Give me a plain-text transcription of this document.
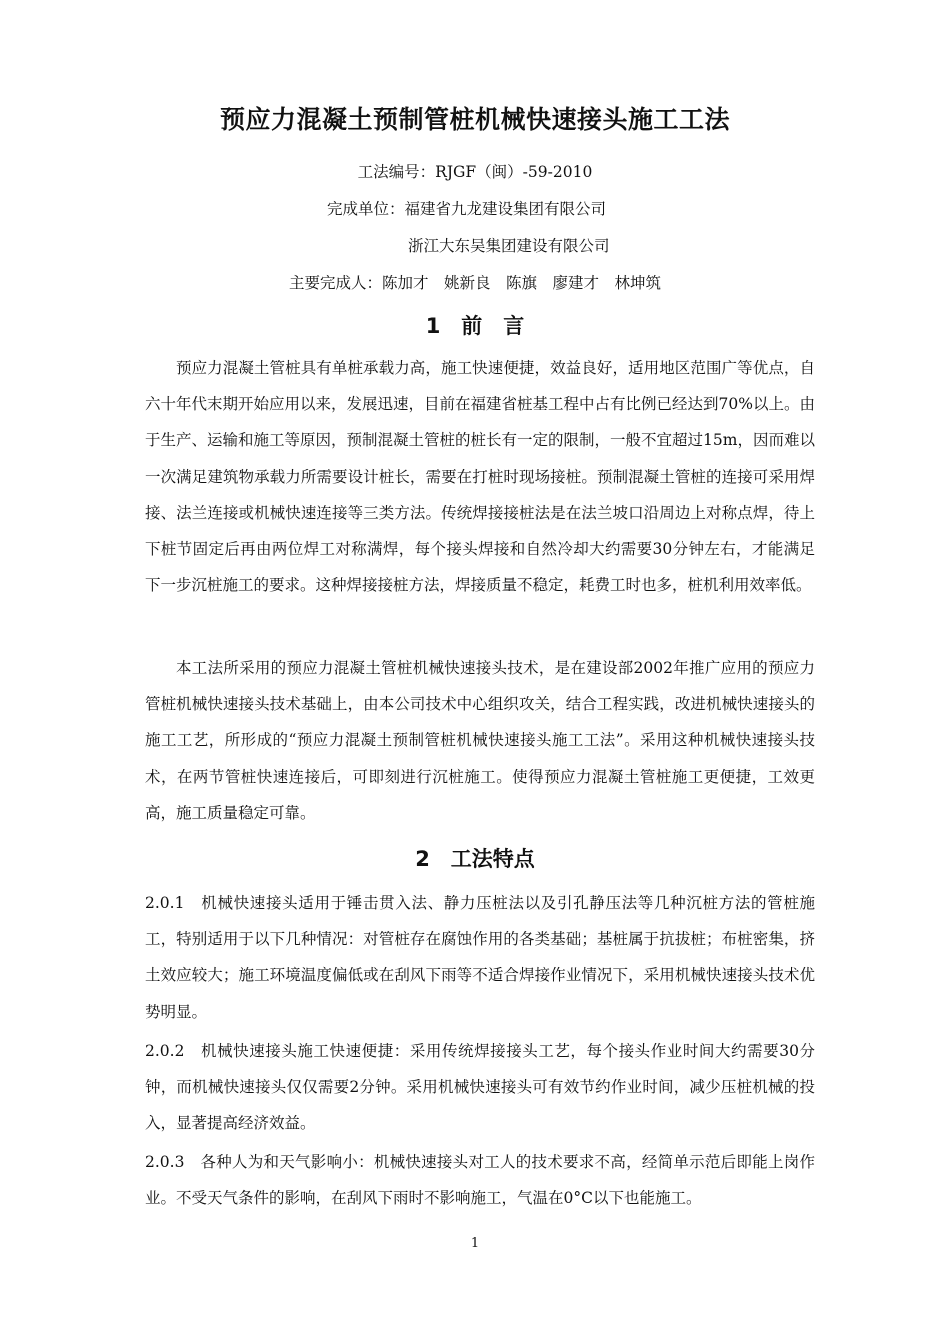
预应力混凝土预制管桩机械快速接头施工工法
工法编号：RJGF（闽）-59-2010
完成单位：福建省九龙建设集团有限公司
浙江大东吴集团建设有限公司
主要完成人：陈加才　姚新良　陈旗　廖建才　林坤筑
1　前　言

预应力混凝土管桩具有单桩承载力高，施工快速便捷，效益良好，适用地区范围广等优点，自六十年代末期开始应用以来，发展迅速，目前在福建省桩基工程中占有比例已经达到70%以上。由于生产、运输和施工等原因，预制混凝土管桩的桩长有一定的限制，一般不宜超过15m，因而难以一次满足建筑物承载力所需要设计桩长，需要在打桩时现场接桩。预制混凝土管桩的连接可采用焊接、法兰连接或机械快速连接等三类方法。传统焊接接桩法是在法兰坡口沿周边上对称点焊，待上下桩节固定后再由两位焊工对称满焊，每个接头焊接和自然冷却大约需要30分钟左右，才能满足下一步沉桩施工的要求。这种焊接接桩方法，焊接质量不稳定，耗费工时也多，桩机利用效率低。

本工法所采用的预应力混凝土管桩机械快速接头技术，是在建设部2002年推广应用的预应力管桩机械快速接头技术基础上，由本公司技术中心组织攻关，结合工程实践，改进机械快速接头的施工工艺，所形成的“预应力混凝土预制管桩机械快速接头施工工法”。采用这种机械快速接头技术，在两节管桩快速连接后，可即刻进行沉桩施工。使得预应力混凝土管桩施工更便捷，工效更高，施工质量稳定可靠。

2　工法特点

2.0.1　机械快速接头适用于锤击贯入法、静力压桩法以及引孔静压法等几种沉桩方法的管桩施工，特别适用于以下几种情况：对管桩存在腐蚀作用的各类基础；基桩属于抗拔桩；布桩密集，挤土效应较大；施工环境温度偏低或在刮风下雨等不适合焊接作业情况下，采用机械快速接头技术优势明显。

2.0.2　机械快速接头施工快速便捷：采用传统焊接接头工艺，每个接头作业时间大约需要30分钟，而机械快速接头仅仅需要2分钟。采用机械快速接头可有效节约作业时间，减少压桩机械的投入，显著提高经济效益。

2.0.3　各种人为和天气影响小：机械快速接头对工人的技术要求不高，经简单示范后即能上岗作业。不受天气条件的影响，在刮风下雨时不影响施工，气温在0°C以下也能施工。

1
